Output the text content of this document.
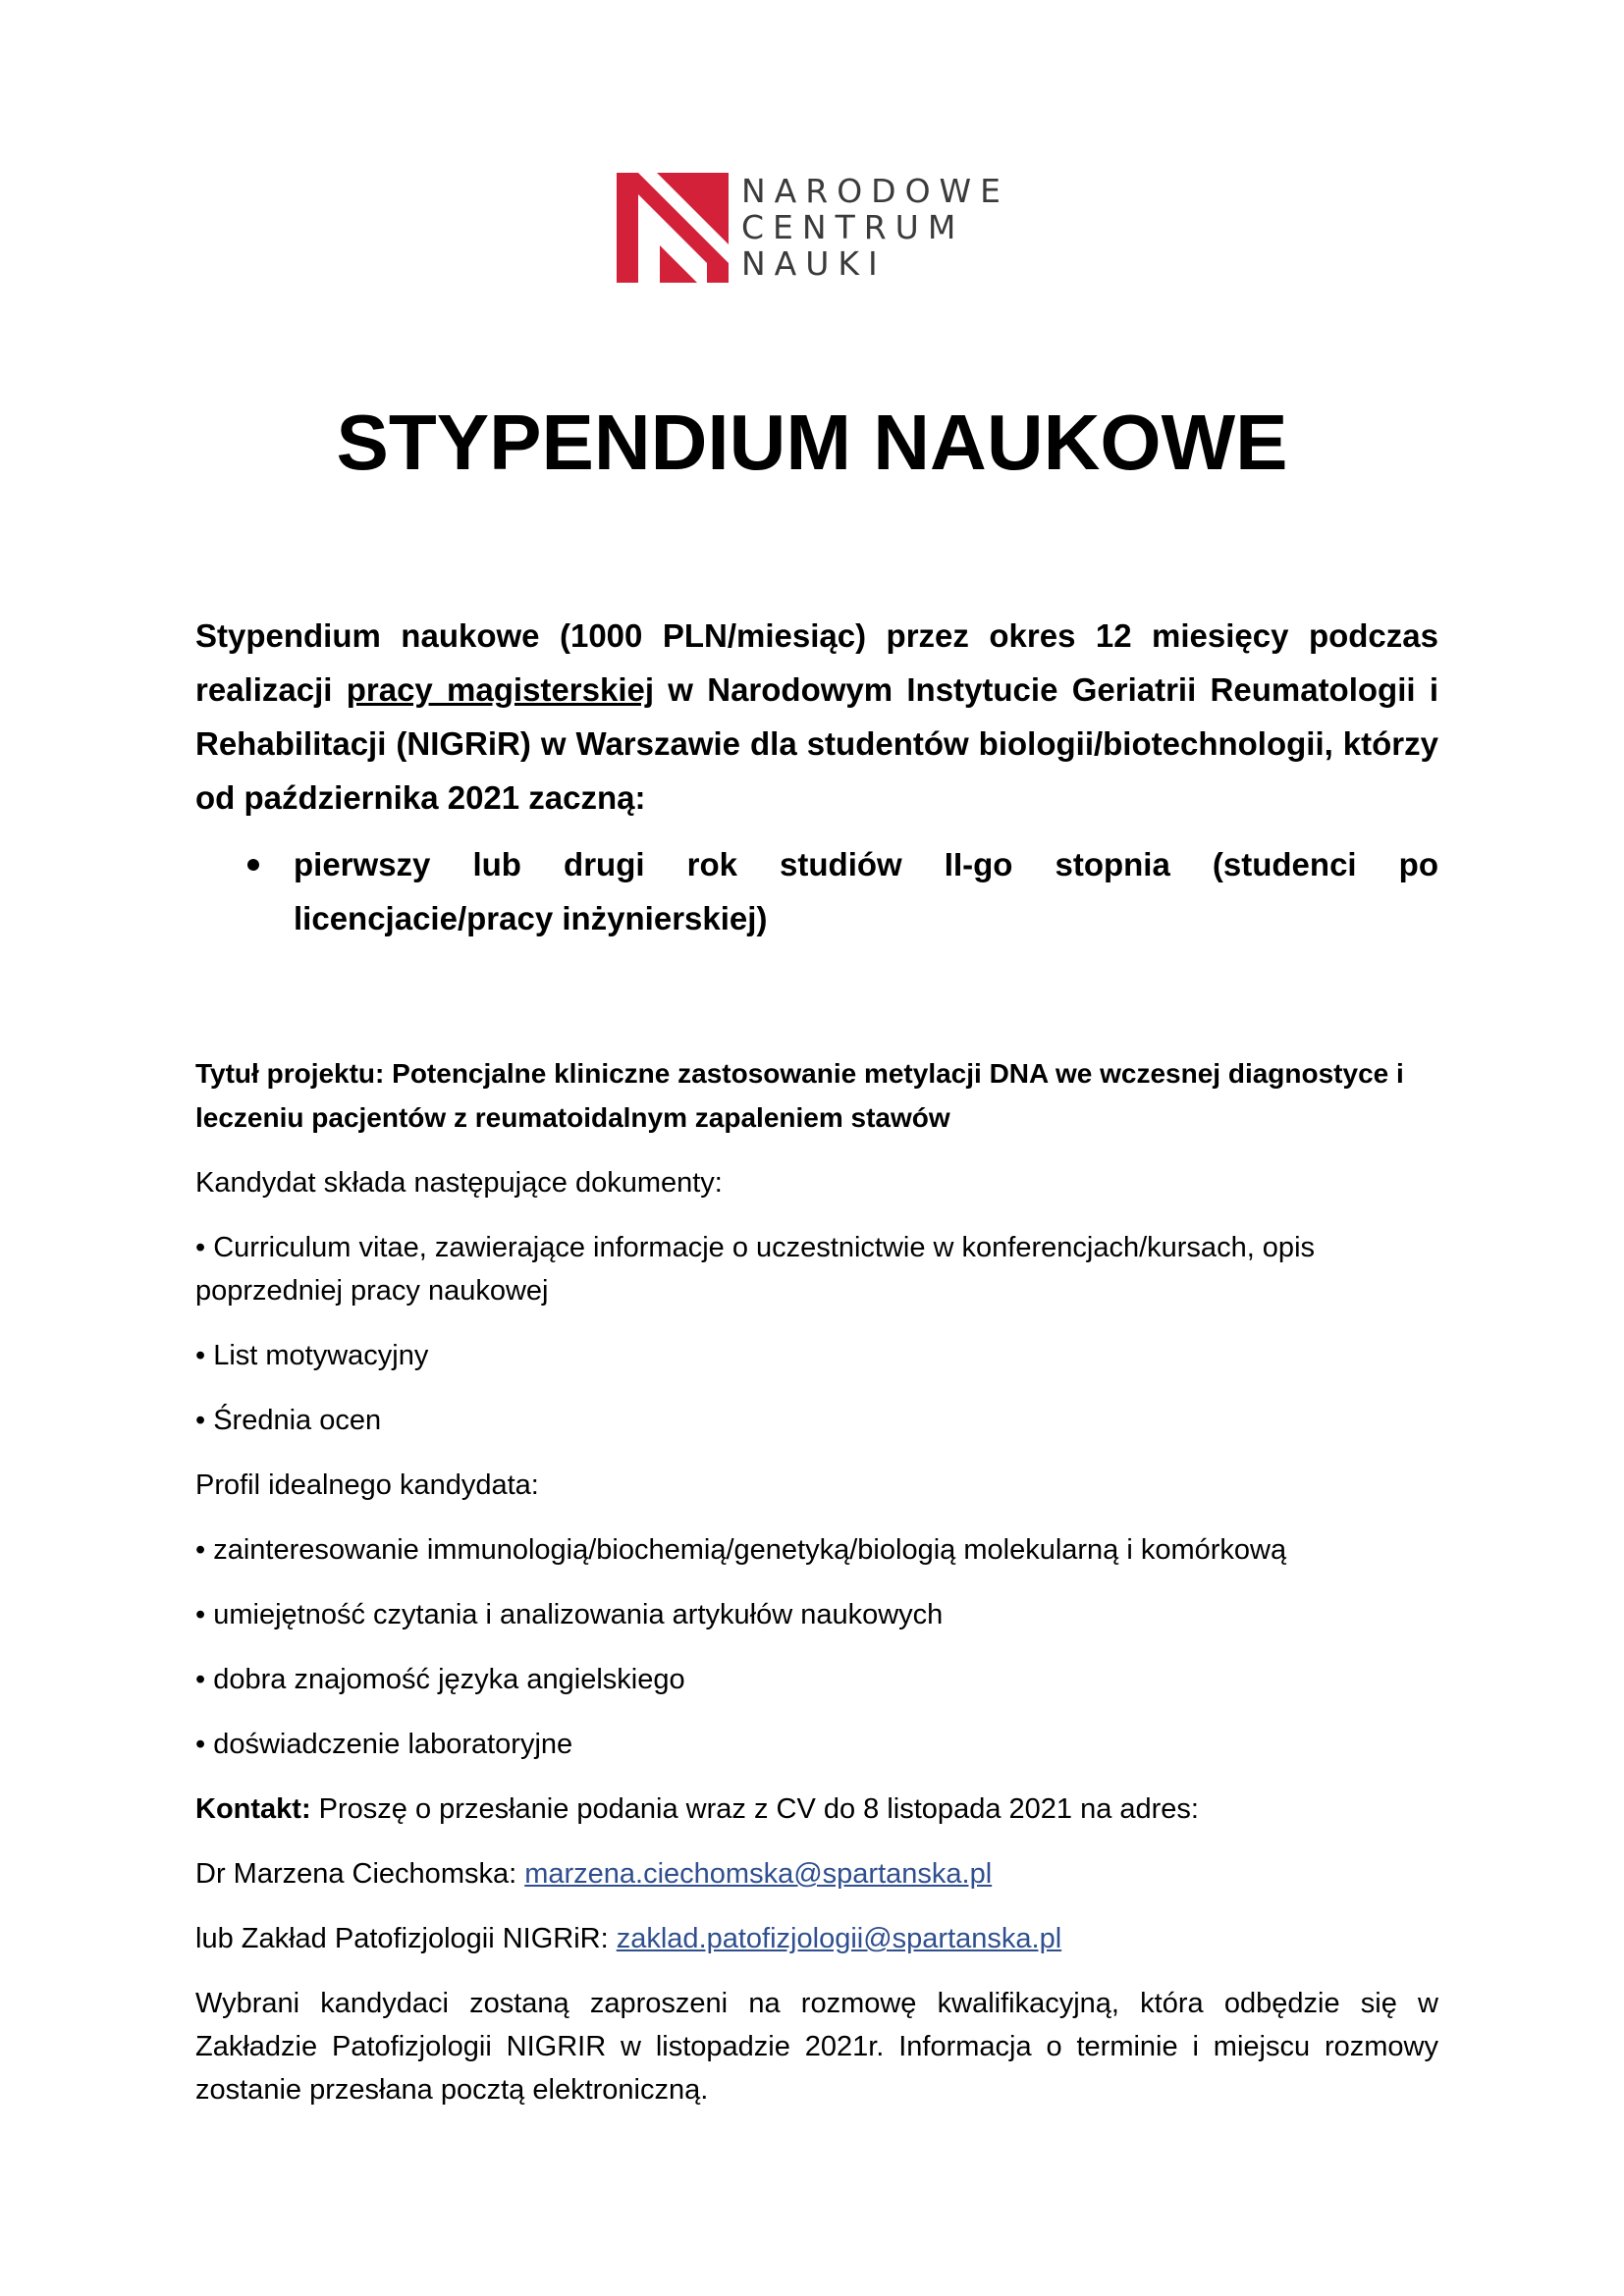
NARODOWE
CENTRUM
NAUKI
STYPENDIUM NAUKOWE

Stypendium naukowe (1000 PLN/miesiąc) przez okres 12 miesięcy podczas realizacji pracy magisterskiej w Narodowym Instytucie Geriatrii Reumatologii i Rehabilitacji (NIGRiR) w Warszawie dla studentów biologii/biotechnologii, którzy od października 2021 zaczną:

pierwszy lub drugi rok studiów II-go stopnia (studenci po licencjacie/pracy inżynierskiej)

Tytuł projektu: Potencjalne kliniczne zastosowanie metylacji DNA we wczesnej diagnostyce i leczeniu pacjentów z reumatoidalnym zapaleniem stawów

Kandydat składa następujące dokumenty:

• Curriculum vitae, zawierające informacje o uczestnictwie w konferencjach/kursach, opis poprzedniej pracy naukowej

• List motywacyjny

• Średnia ocen

Profil idealnego kandydata:

• zainteresowanie immunologią/biochemią/genetyką/biologią molekularną i komórkową

• umiejętność czytania i analizowania artykułów naukowych

• dobra znajomość języka angielskiego

• doświadczenie laboratoryjne

Kontakt: Proszę o przesłanie podania wraz z CV do 8 listopada 2021 na adres:

Dr Marzena Ciechomska: marzena.ciechomska@spartanska.pl

lub Zakład Patofizjologii NIGRiR: zaklad.patofizjologii@spartanska.pl

Wybrani kandydaci zostaną zaproszeni na rozmowę kwalifikacyjną, która odbędzie się w Zakładzie Patofizjologii NIGRIR w listopadzie 2021r. Informacja o terminie i miejscu rozmowy zostanie przesłana pocztą elektroniczną.
